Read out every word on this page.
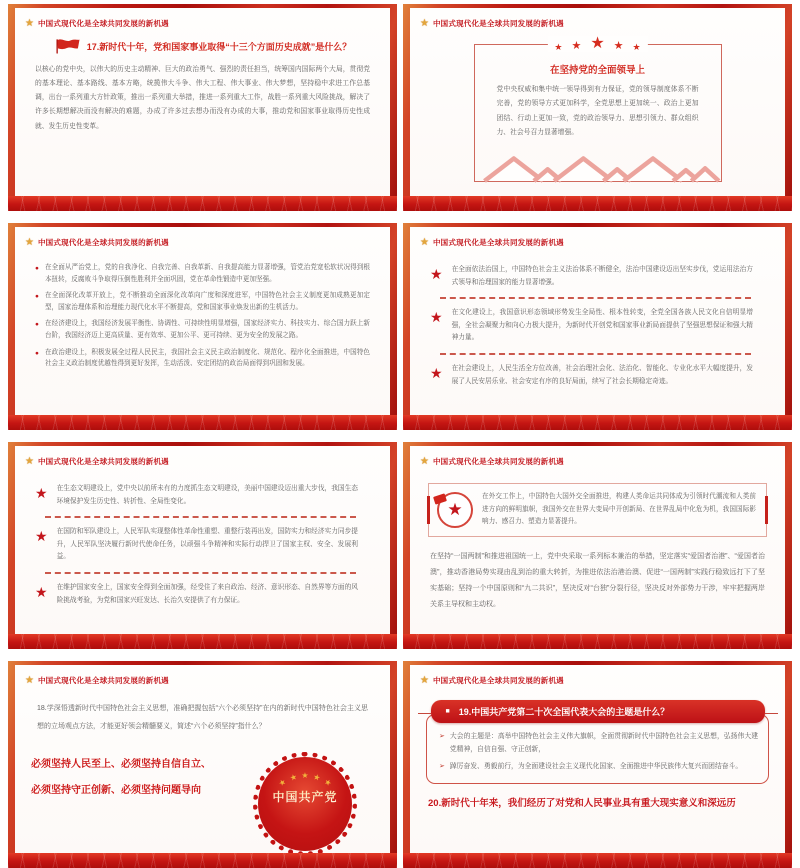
★ 中国式现代化是全球共同发展的新机遇
17.新时代十年，党和国家事业取得“十三个方面历史成就”是什么？

以核心的党中央，以伟大的历史主动精神、巨大的政治勇气、强烈的责任担当，统筹国内国际两个大局，贯彻党的基本理论、基本路线、基本方略，统揽伟大斗争、伟大工程、伟大事业、伟大梦想，坚持稳中求进工作总基调，出台一系列重大方针政策，推出一系列重大举措，推进一系列重大工作，战胜一系列重大风险挑战，解决了许多长期想解决而没有解决的难题，办成了许多过去想办而没有办成的大事，推动党和国家事业取得历史性成就、发生历史性变革。

★ 中国式现代化是全球共同发展的新机遇
★ ★ ★ ★ ★
在坚持党的全面领导上

党中央权威和集中统一领导得到有力保证，党的领导制度体系不断完善，党的领导方式更加科学，全党思想上更加统一、政治上更加团结、行动上更加一致，党的政治领导力、思想引领力、群众组织力、社会号召力显著增强。

★ 中国式现代化是全球共同发展的新机遇
● 在全面从严治党上，党的自我净化、自我完善、自我革新、自我提高能力显著增强，管党治党宽松软状况得到根本扭转，反腐败斗争取得压倒性胜利并全面巩固，党在革命性锻造中更加坚强。
● 在全面深化改革开放上，党不断推动全面深化改革向广度和深度进军，中国特色社会主义制度更加成熟更加定型，国家治理体系和治理能力现代化水平不断提高，党和国家事业焕发出新的生机活力。
● 在经济建设上，我国经济发展平衡性、协调性、可持续性明显增强，国家经济实力、科技实力、综合国力跃上新台阶，我国经济迈上更高质量、更有效率、更加公平、更可持续、更为安全的发展之路。
● 在政治建设上，积极发展全过程人民民主，我国社会主义民主政治制度化、规范化、程序化全面推进，中国特色社会主义政治制度优越性得到更好发挥，生动活泼、安定团结的政治局面得到巩固和发展。
★ 中国式现代化是全球共同发展的新机遇
★ 在全面依法治国上，中国特色社会主义法治体系不断健全，法治中国建设迈出坚实步伐，党运用法治方式领导和治理国家的能力显著增强。
★ 在文化建设上，我国意识形态领域形势发生全局性、根本性转变，全党全国各族人民文化自信明显增强，全社会凝聚力和向心力极大提升，为新时代开创党和国家事业新局面提供了坚强思想保证和强大精神力量。
★ 在社会建设上，人民生活全方位改善，社会治理社会化、法治化、智能化、专业化水平大幅度提升，发展了人民安居乐业、社会安定有序的良好局面，续写了社会长期稳定奇迹。
★ 中国式现代化是全球共同发展的新机遇
★ 在生态文明建设上，党中央以前所未有的力度抓生态文明建设，美丽中国建设迈出重大步伐，我国生态环境保护发生历史性、转折性、全局性变化。
★ 在国防和军队建设上，人民军队实现整体性革命性重塑、重整行装再出发，国防实力和经济实力同步提升，人民军队坚决履行新时代使命任务，以顽强斗争精神和实际行动捍卫了国家主权、安全、发展利益。
★ 在维护国家安全上，国家安全得到全面加强，经受住了来自政治、经济、意识形态、自然界等方面的风险挑战考验，为党和国家兴旺发达、长治久安提供了有力保证。
★ 中国式现代化是全球共同发展的新机遇
★

在外交工作上，中国特色大国外交全面推进，构建人类命运共同体成为引领时代潮流和人类前进方向的鲜明旗帜，我国外交在世界大变局中开创新局、在世界乱局中化危为机，我国国际影响力、感召力、塑造力显著提升。

在坚持“一国两制”和推进祖国统一上，党中央采取一系列标本兼治的举措，坚定落实“爱国者治港”、“爱国者治澳”，推动香港局势实现由乱到治的重大转折，为推进依法治港治澳、促进“一国两制”实践行稳致远打下了坚实基础；坚持一个中国原则和“九二共识”，坚决反对“台独”分裂行径，坚决反对外部势力干涉，牢牢把握两岸关系主导权和主动权。

★ 中国式现代化是全球共同发展的新机遇

18.学深悟透新时代中国特色社会主义思想，准确把握包括“六个必须坚持”在内的新时代中国特色社会主义思想的立场观点方法，才能更好领会精髓要义，简述“六个必须坚持”指什么？

必须坚持人民至上、必须坚持自信自立、
必须坚持守正创新、必须坚持问题导向
★ ★ ★ ★ ★
中国共产党
★ 中国式现代化是全球共同发展的新机遇
■ 19.中国共产党第二十次全国代表大会的主题是什么？
➢ 大会的主题是：高举中国特色社会主义伟大旗帜，全面贯彻新时代中国特色社会主义思想，弘扬伟大建党精神，自信自强、守正创新，
➢ 踔厉奋发、勇毅前行，为全面建设社会主义现代化国家、全面推进中华民族伟大复兴而团结奋斗。

20.新时代十年来，我们经历了对党和人民事业具有重大现实意义和深远历
